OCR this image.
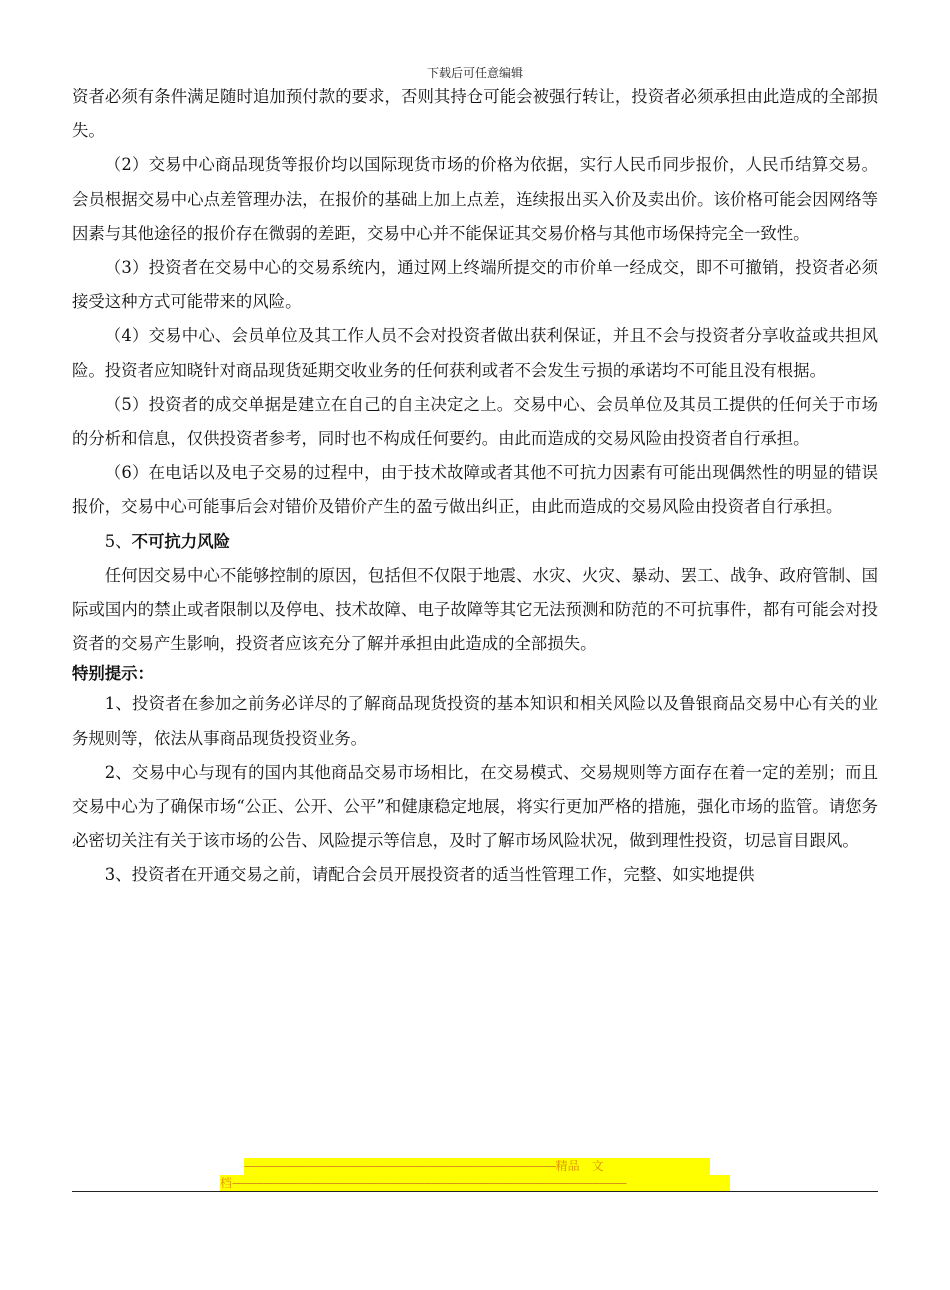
下载后可任意编辑

资者必须有条件满足随时追加预付款的要求，否则其持仓可能会被强行转让，投资者必须承担由此造成的全部损失。

（2）交易中心商品现货等报价均以国际现货市场的价格为依据，实行人民币同步报价，人民币结算交易。会员根据交易中心点差管理办法，在报价的基础上加上点差，连续报出买入价及卖出价。该价格可能会因网络等因素与其他途径的报价存在微弱的差距，交易中心并不能保证其交易价格与其他市场保持完全一致性。

（3）投资者在交易中心的交易系统内，通过网上终端所提交的市价单一经成交，即不可撤销，投资者必须接受这种方式可能带来的风险。

（4）交易中心、会员单位及其工作人员不会对投资者做出获利保证，并且不会与投资者分享收益或共担风险。投资者应知晓针对商品现货延期交收业务的任何获利或者不会发生亏损的承诺均不可能且没有根据。

（5）投资者的成交单据是建立在自己的自主决定之上。交易中心、会员单位及其员工提供的任何关于市场的分析和信息，仅供投资者参考，同时也不构成任何要约。由此而造成的交易风险由投资者自行承担。

（6）在电话以及电子交易的过程中，由于技术故障或者其他不可抗力因素有可能出现偶然性的明显的错误报价，交易中心可能事后会对错价及错价产生的盈亏做出纠正，由此而造成的交易风险由投资者自行承担。

5、不可抗力风险

任何因交易中心不能够控制的原因，包括但不仅限于地震、水灾、火灾、暴动、罢工、战争、政府管制、国际或国内的禁止或者限制以及停电、技术故障、电子故障等其它无法预测和防范的不可抗事件，都有可能会对投资者的交易产生影响，投资者应该充分了解并承担由此造成的全部损失。

特别提示：

1、投资者在参加之前务必详尽的了解商品现货投资的基本知识和相关风险以及鲁银商品交易中心有关的业务规则等，依法从事商品现货投资业务。

2、交易中心与现有的国内其他商品交易市场相比，在交易模式、交易规则等方面存在着一定的差别；而且交易中心为了确保市场“公正、公开、公平”和健康稳定地展，将实行更加严格的措施，强化市场的监管。请您务必密切关注有关于该市场的公告、风险提示等信息，及时了解市场风险状况，做到理性投资，切忌盲目跟风。

3、投资者在开通交易之前，请配合会员开展投资者的适当性管理工作，完整、如实地提供

------------------------------------------------------------------------------------------------------精品　文
档---------------------------------------------------------------------------------------------------------------------------------
